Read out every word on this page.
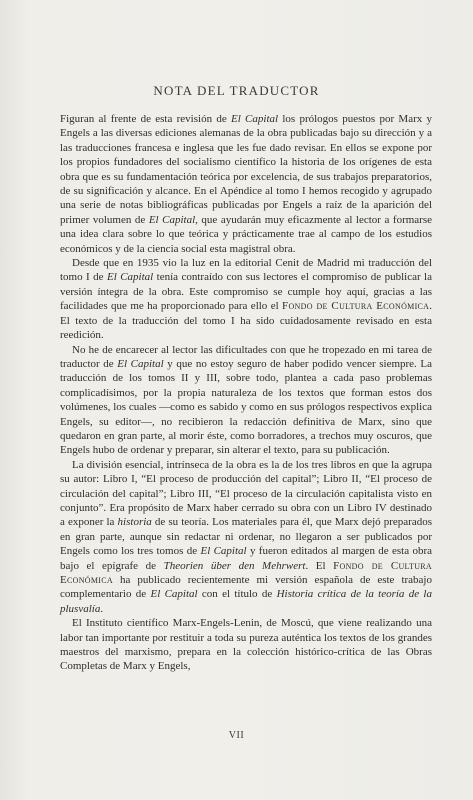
NOTA DEL TRADUCTOR

Figuran al frente de esta revisión de El Capital los prólogos puestos por Marx y Engels a las diversas ediciones alemanas de la obra publicadas bajo su dirección y a las traducciones francesa e inglesa que les fue dado revisar. En ellos se expone por los propios fundadores del socialismo científico la historia de los orígenes de esta obra que es su fundamentación teórica por excelencia, de sus trabajos preparatorios, de su significación y alcance. En el Apéndice al tomo I hemos recogido y agrupado una serie de notas bibliográficas publicadas por Engels a raíz de la aparición del primer volumen de El Capital, que ayudarán muy eficazmente al lector a formarse una idea clara sobre lo que teórica y prácticamente trae al campo de los estudios económicos y de la ciencia social esta magistral obra.

Desde que en 1935 vio la luz en la editorial Cenit de Madrid mi traducción del tomo I de El Capital tenía contraído con sus lectores el compromiso de publicar la versión íntegra de la obra. Este compromiso se cumple hoy aquí, gracias a las facilidades que me ha proporcionado para ello el Fondo de Cultura Económica. El texto de la traducción del tomo I ha sido cuidadosamente revisado en esta reedición.

No he de encarecer al lector las dificultades con que he tropezado en mi tarea de traductor de El Capital y que no estoy seguro de haber podido vencer siempre. La traducción de los tomos II y III, sobre todo, plantea a cada paso problemas complicadísimos, por la propia naturaleza de los textos que forman estos dos volúmenes, los cuales —como es sabido y como en sus prólogos respectivos explica Engels, su editor—, no recibieron la redacción definitiva de Marx, sino que quedaron en gran parte, al morir éste, como borradores, a trechos muy oscuros, que Engels hubo de ordenar y preparar, sin alterar el texto, para su publicación.

La división esencial, intrínseca de la obra es la de los tres libros en que la agrupa su autor: Libro I, “El proceso de producción del capital”; Libro II, “El proceso de circulación del capital”; Libro III, “El proceso de la circulación capitalista visto en conjunto”. Era propósito de Marx haber cerrado su obra con un Libro IV destinado a exponer la historia de su teoría. Los materiales para él, que Marx dejó preparados en gran parte, aunque sin redactar ni ordenar, no llegaron a ser publicados por Engels como los tres tomos de El Capital y fueron editados al margen de esta obra bajo el epígrafe de Theorien über den Mehrwert. El Fondo de Cultura Económica ha publicado recientemente mi versión española de este trabajo complementario de El Capital con el título de Historia crítica de la teoría de la plusvalía.

El Instituto científico Marx-Engels-Lenin, de Moscú, que viene realizando una labor tan importante por restituir a toda su pureza auténtica los textos de los grandes maestros del marxismo, prepara en la colección histórico-crítica de las Obras Completas de Marx y Engels,

VII
